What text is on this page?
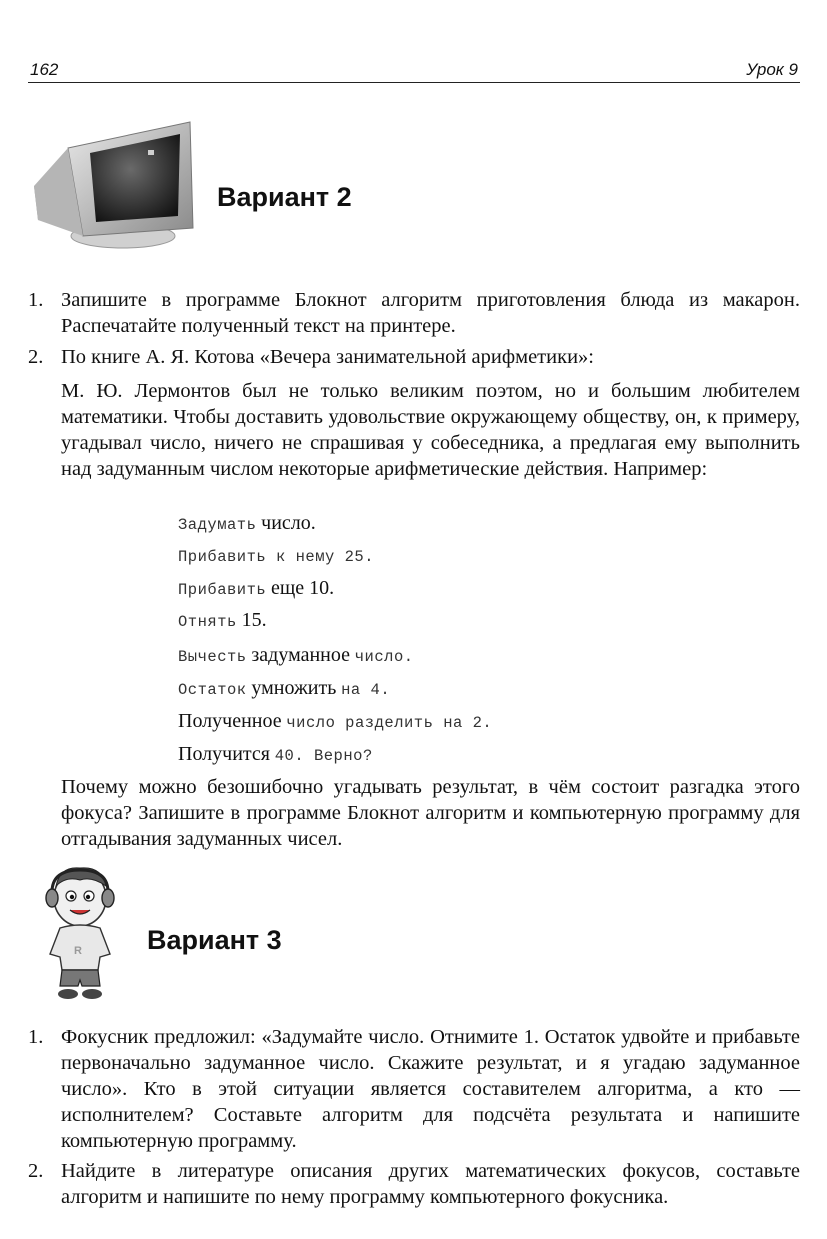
162	Урок 9
Вариант 2
1. Запишите в программе Блокнот алгоритм приготовления блюда из макарон. Распечатайте полученный текст на принтере.
2. По книге А. Я. Котова «Вечера занимательной арифметики»:
М. Ю. Лермонтов был не только великим поэтом, но и большим любителем математики. Чтобы доставить удовольствие окружающему обществу, он, к примеру, угадывал число, ничего не спрашивая у собеседника, а предлагая ему выполнить над задуманным числом некоторые арифметические действия. Например:
Задумать число.
Прибавить к нему 25.
Прибавить еще 10.
Отнять 15.
Вычесть задуманное число.
Остаток умножить на 4.
Полученное число разделить на 2.
Получится 40. Верно?
Почему можно безошибочно угадывать результат, в чём состоит разгадка этого фокуса? Запишите в программе Блокнот алгоритм и компьютерную программу для отгадывания задуманных чисел.
R Вариант 3
1. Фокусник предложил: «Задумайте число. Отнимите 1. Остаток удвойте и прибавьте первоначально задуманное число. Скажите результат, и я угадаю задуманное число». Кто в этой ситуации является составителем алгоритма, а кто — исполнителем? Составьте алгоритм для подсчёта результата и напишите компьютерную программу.
2. Найдите в литературе описания других математических фокусов, составьте алгоритм и напишите по нему программу компьютерного фокусника.
